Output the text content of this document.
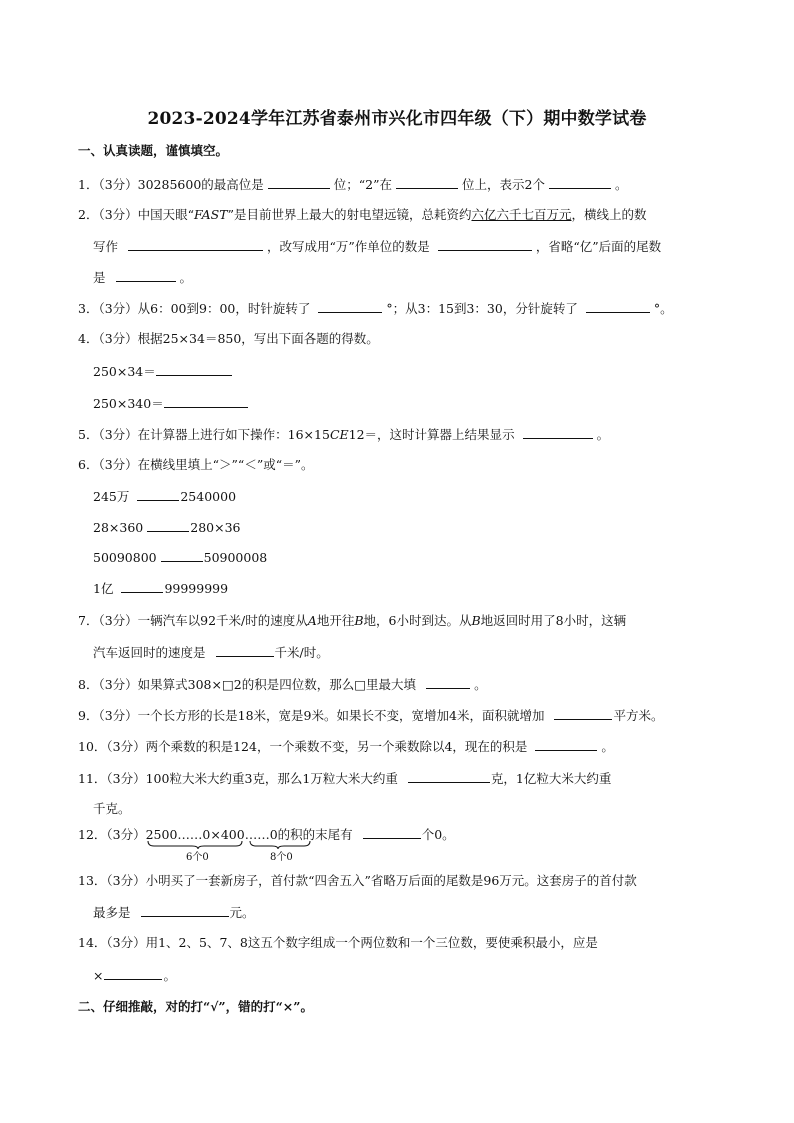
2023-2024学年江苏省泰州市兴化市四年级（下）期中数学试卷
一、认真读题，谨慎填空。
1．（3分）30285600的最高位是	位；“2”在	位上，表示2个	。
2．（3分）中国天眼“FAST”是目前世界上最大的射电望远镜，总耗资约六亿六千七百万元，横线上的数
写作	，改写成用“万”作单位的数是	，省略“亿”后面的尾数
是	。
3．（3分）从6：00到9：00，时针旋转了	°；从3：15到3：30，分针旋转了	°。
4．（3分）根据25×34＝850，写出下面各题的得数。
250×34＝
250×340＝
5．（3分）在计算器上进行如下操作：16×15CE12＝，这时计算器上结果显示	。
6．（3分）在横线里填上“＞”“＜”或“＝”。
245万	2540000
28×360	280×36
50090800	50900008
1亿	99999999
7．（3分）一辆汽车以92千米/时的速度从A地开往B地，6小时到达。从B地返回时用了8小时，这辆
汽车返回时的速度是	千米/时。
8．（3分）如果算式308×□2的积是四位数，那么□里最大填	。
9．（3分）一个长方形的长是18米，宽是9米。如果长不变，宽增加4米，面积就增加	平方米。
10．（3分）两个乘数的积是124，一个乘数不变，另一个乘数除以4，现在的积是	。
11．（3分）100粒大米大约重3克，那么1万粒大米大约重	克，1亿粒大米大约重
千克。
12．（3分）2500……0×400……0的积的末尾有	个0。
6个0	8个0
13．（3分）小明买了一套新房子，首付款“四舍五入”省略万后面的尾数是96万元。这套房子的首付款
最多是	元。
14．（3分）用1、2、5、7、8这五个数字组成一个两位数和一个三位数，要使乘积最小，应是
×	。
二、仔细推敲，对的打“√”，错的打“×”。
